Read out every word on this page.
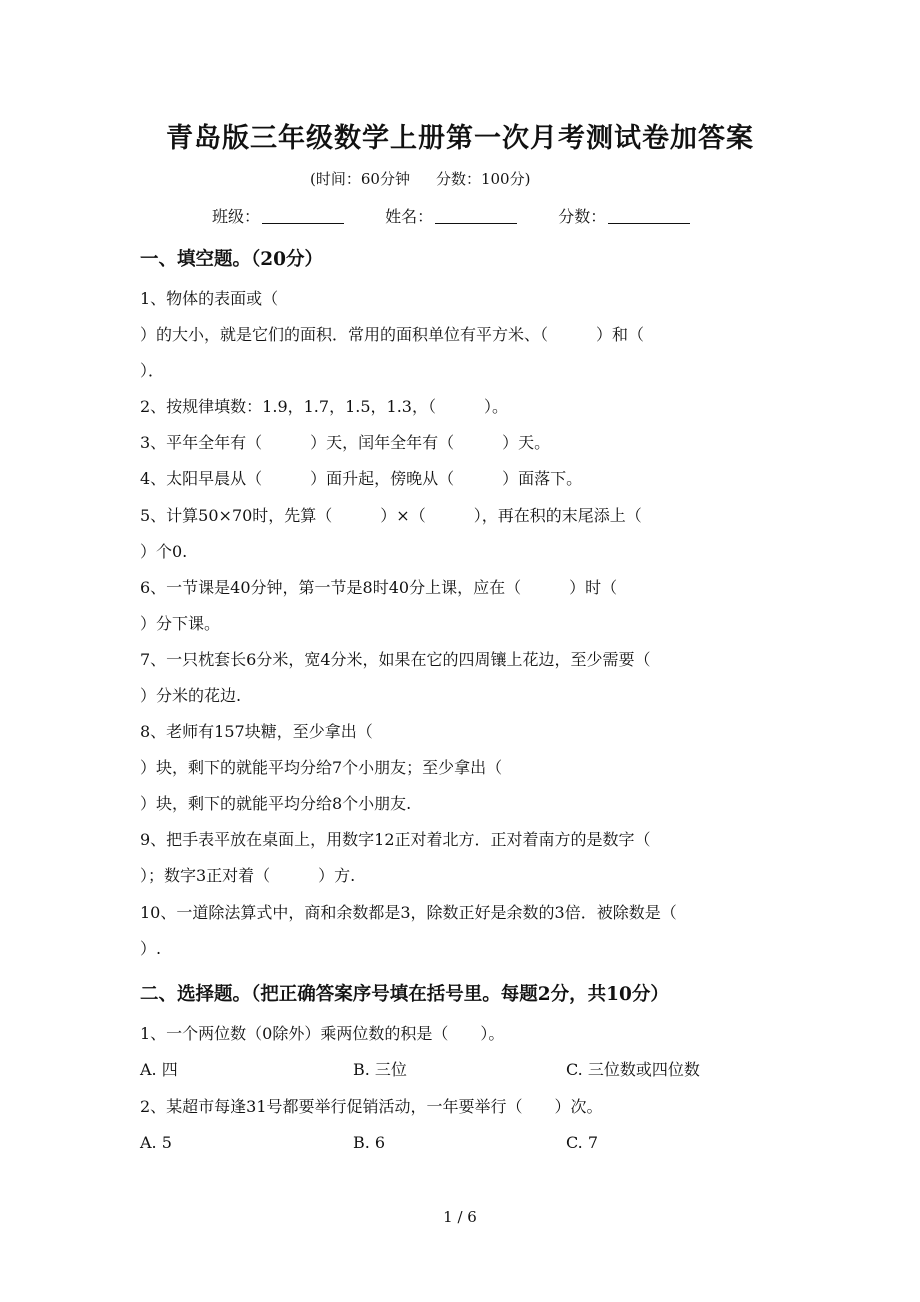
青岛版三年级数学上册第一次月考测试卷加答案
(时间：60分钟 分数：100分)
班级：	姓名：	分数：
一、填空题。（20分）
1、物体的表面或（
）的大小，就是它们的面积．常用的面积单位有平方米、（　　　）和（
）．
2、按规律填数：1.9，1.7，1.5，1.3，（　　　）。
3、平年全年有（　　　）天，闰年全年有（　　　）天。
4、太阳早晨从（　　　）面升起，傍晚从（　　　）面落下。
5、计算50×70时，先算（　　　）×（　　　），再在积的末尾添上（
）个0.
6、一节课是40分钟，第一节是8时40分上课，应在（　　　）时（
）分下课。
7、一只枕套长6分米，宽4分米，如果在它的四周镶上花边，至少需要（
）分米的花边.
8、老师有157块糖，至少拿出（
）块，剩下的就能平均分给7个小朋友；至少拿出（
）块，剩下的就能平均分给8个小朋友.
9、把手表平放在桌面上，用数字12正对着北方．正对着南方的是数字（
）；数字3正对着（　　　）方.
10、一道除法算式中，商和余数都是3，除数正好是余数的3倍．被除数是（
）.
二、选择题。（把正确答案序号填在括号里。每题2分，共10分）
1、一个两位数（0除外）乘两位数的积是（　　）。
A. 四	B. 三位	C. 三位数或四位数
2、某超市每逢31号都要举行促销活动，一年要举行（　　）次。
A. 5	B. 6	C. 7
1 / 6
